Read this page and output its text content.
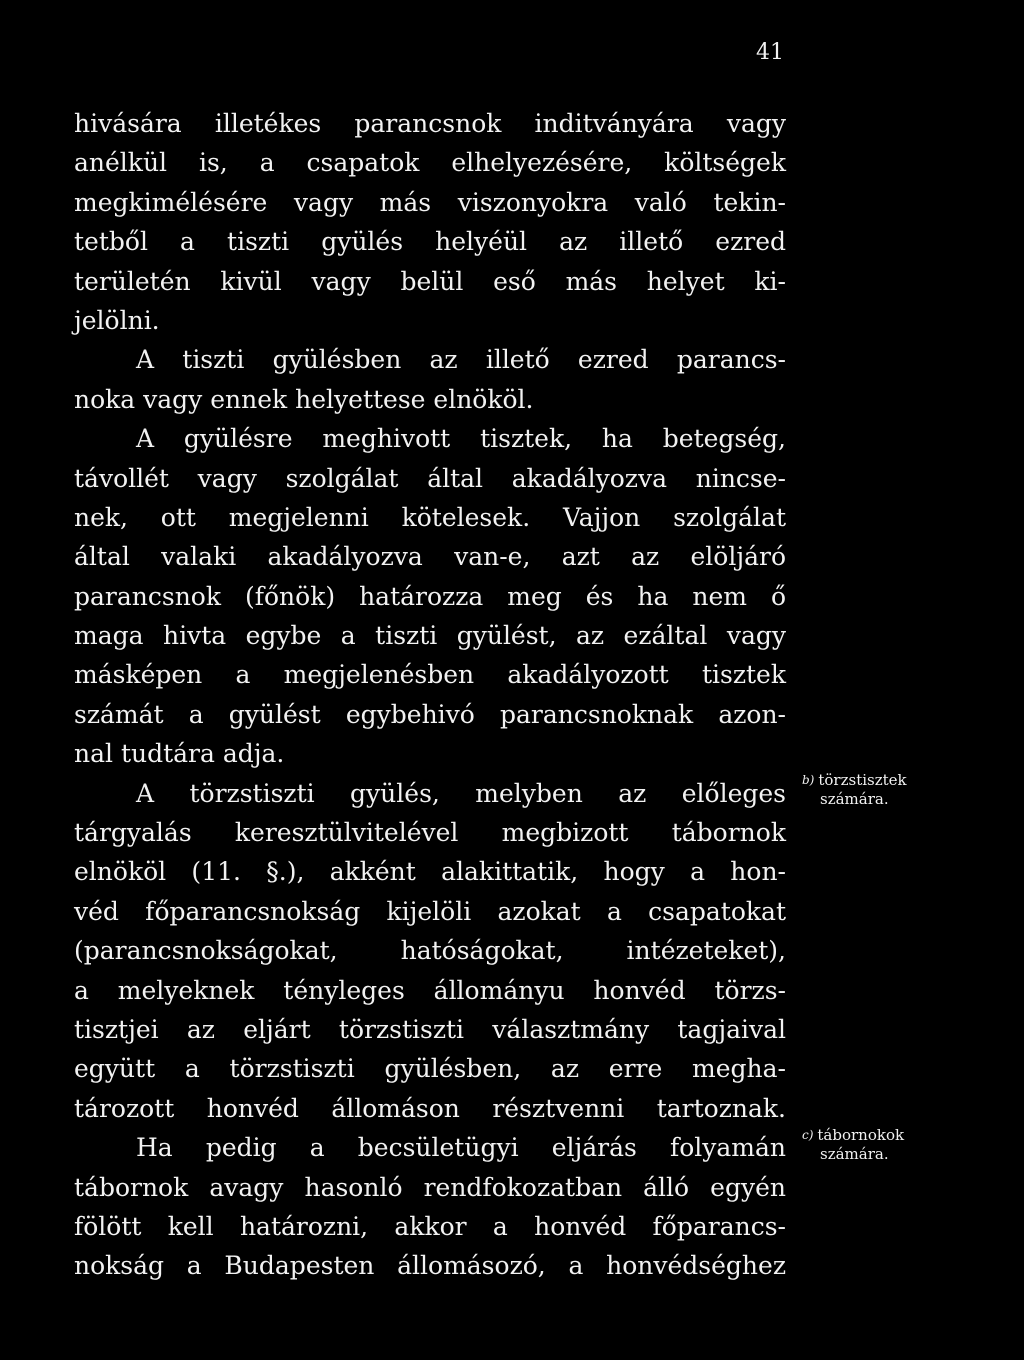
41
hivására illetékes parancsnok inditványára vagy
anélkül is, a csapatok elhelyezésére, költségek
megkimélésére vagy más viszonyokra való tekin-
tetből a tiszti gyülés helyéül az illető ezred
területén kivül vagy belül eső más helyet ki-
jelölni.
A tiszti gyülésben az illető ezred parancs-
noka vagy ennek helyettese elnököl.
A gyülésre meghivott tisztek, ha betegség,
távollét vagy szolgálat által akadályozva nincse-
nek, ott megjelenni kötelesek. Vajjon szolgálat
által valaki akadályozva van-e, azt az elöljáró
parancsnok (főnök) határozza meg és ha nem ő
maga hivta egybe a tiszti gyülést, az ezáltal vagy
másképen a megjelenésben akadályozott tisztek
számát a gyülést egybehivó parancsnoknak azon-
nal tudtára adja.
A törzstiszti gyülés, melyben az előleges
tárgyalás keresztülvitelével megbizott tábornok
elnököl (11. §.), akként alakittatik, hogy a hon-
véd főparancsnokság kijelöli azokat a csapatokat
(parancsnokságokat, hatóságokat, intézeteket),
a melyeknek tényleges állományu honvéd törzs-
tisztjei az eljárt törzstiszti választmány tagjaival
együtt a törzstiszti gyülésben, az erre megha-
tározott honvéd állomáson résztvenni tartoznak.
Ha pedig a becsületügyi eljárás folyamán
tábornok avagy hasonló rendfokozatban álló egyén
fölött kell határozni, akkor a honvéd főparancs-
nokság a Budapesten állomásozó, a honvédséghez
$^{b)}$ törzstisztek
számára.
$^{c)}$ tábornokok
számára.
